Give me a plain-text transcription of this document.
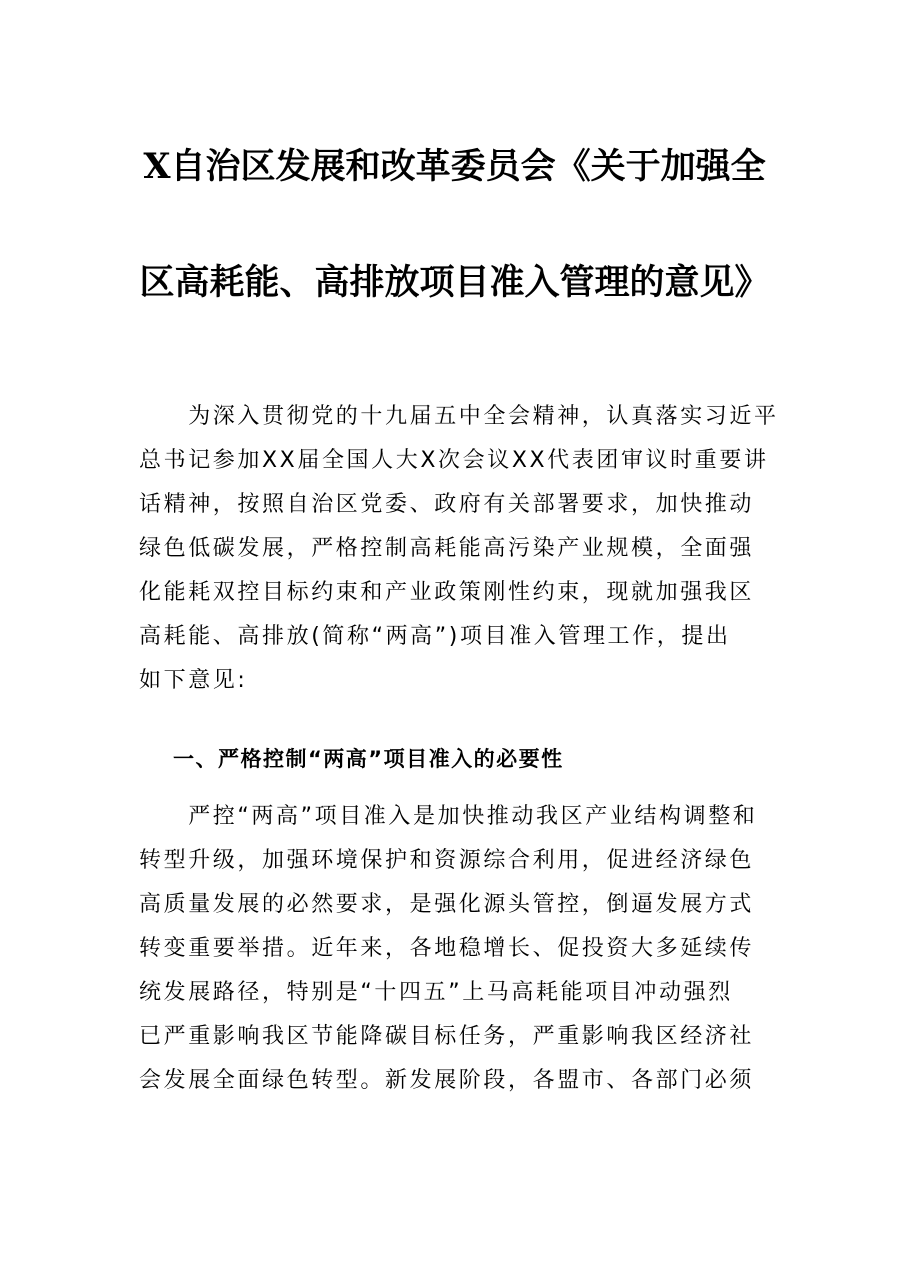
X自治区发展和改革委员会《关于加强全
区高耗能、高排放项目准入管理的意见》
　　为深入贯彻党的十九届五中全会精神，认真落实习近平
总书记参加XX届全国人大X次会议XX代表团审议时重要讲
话精神，按照自治区党委、政府有关部署要求，加快推动
绿色低碳发展，严格控制高耗能高污染产业规模，全面强
化能耗双控目标约束和产业政策刚性约束，现就加强我区
高耗能、高排放(简称“两高”)项目准入管理工作，提出
如下意见:
一、严格控制“两高”项目准入的必要性
　　严控“两高”项目准入是加快推动我区产业结构调整和
转型升级，加强环境保护和资源综合利用，促进经济绿色
高质量发展的必然要求，是强化源头管控，倒逼发展方式
转变重要举措。近年来，各地稳增长、促投资大多延续传
统发展路径，特别是“十四五”上马高耗能项目冲动强烈
已严重影响我区节能降碳目标任务，严重影响我区经济社
会发展全面绿色转型。新发展阶段，各盟市、各部门必须
